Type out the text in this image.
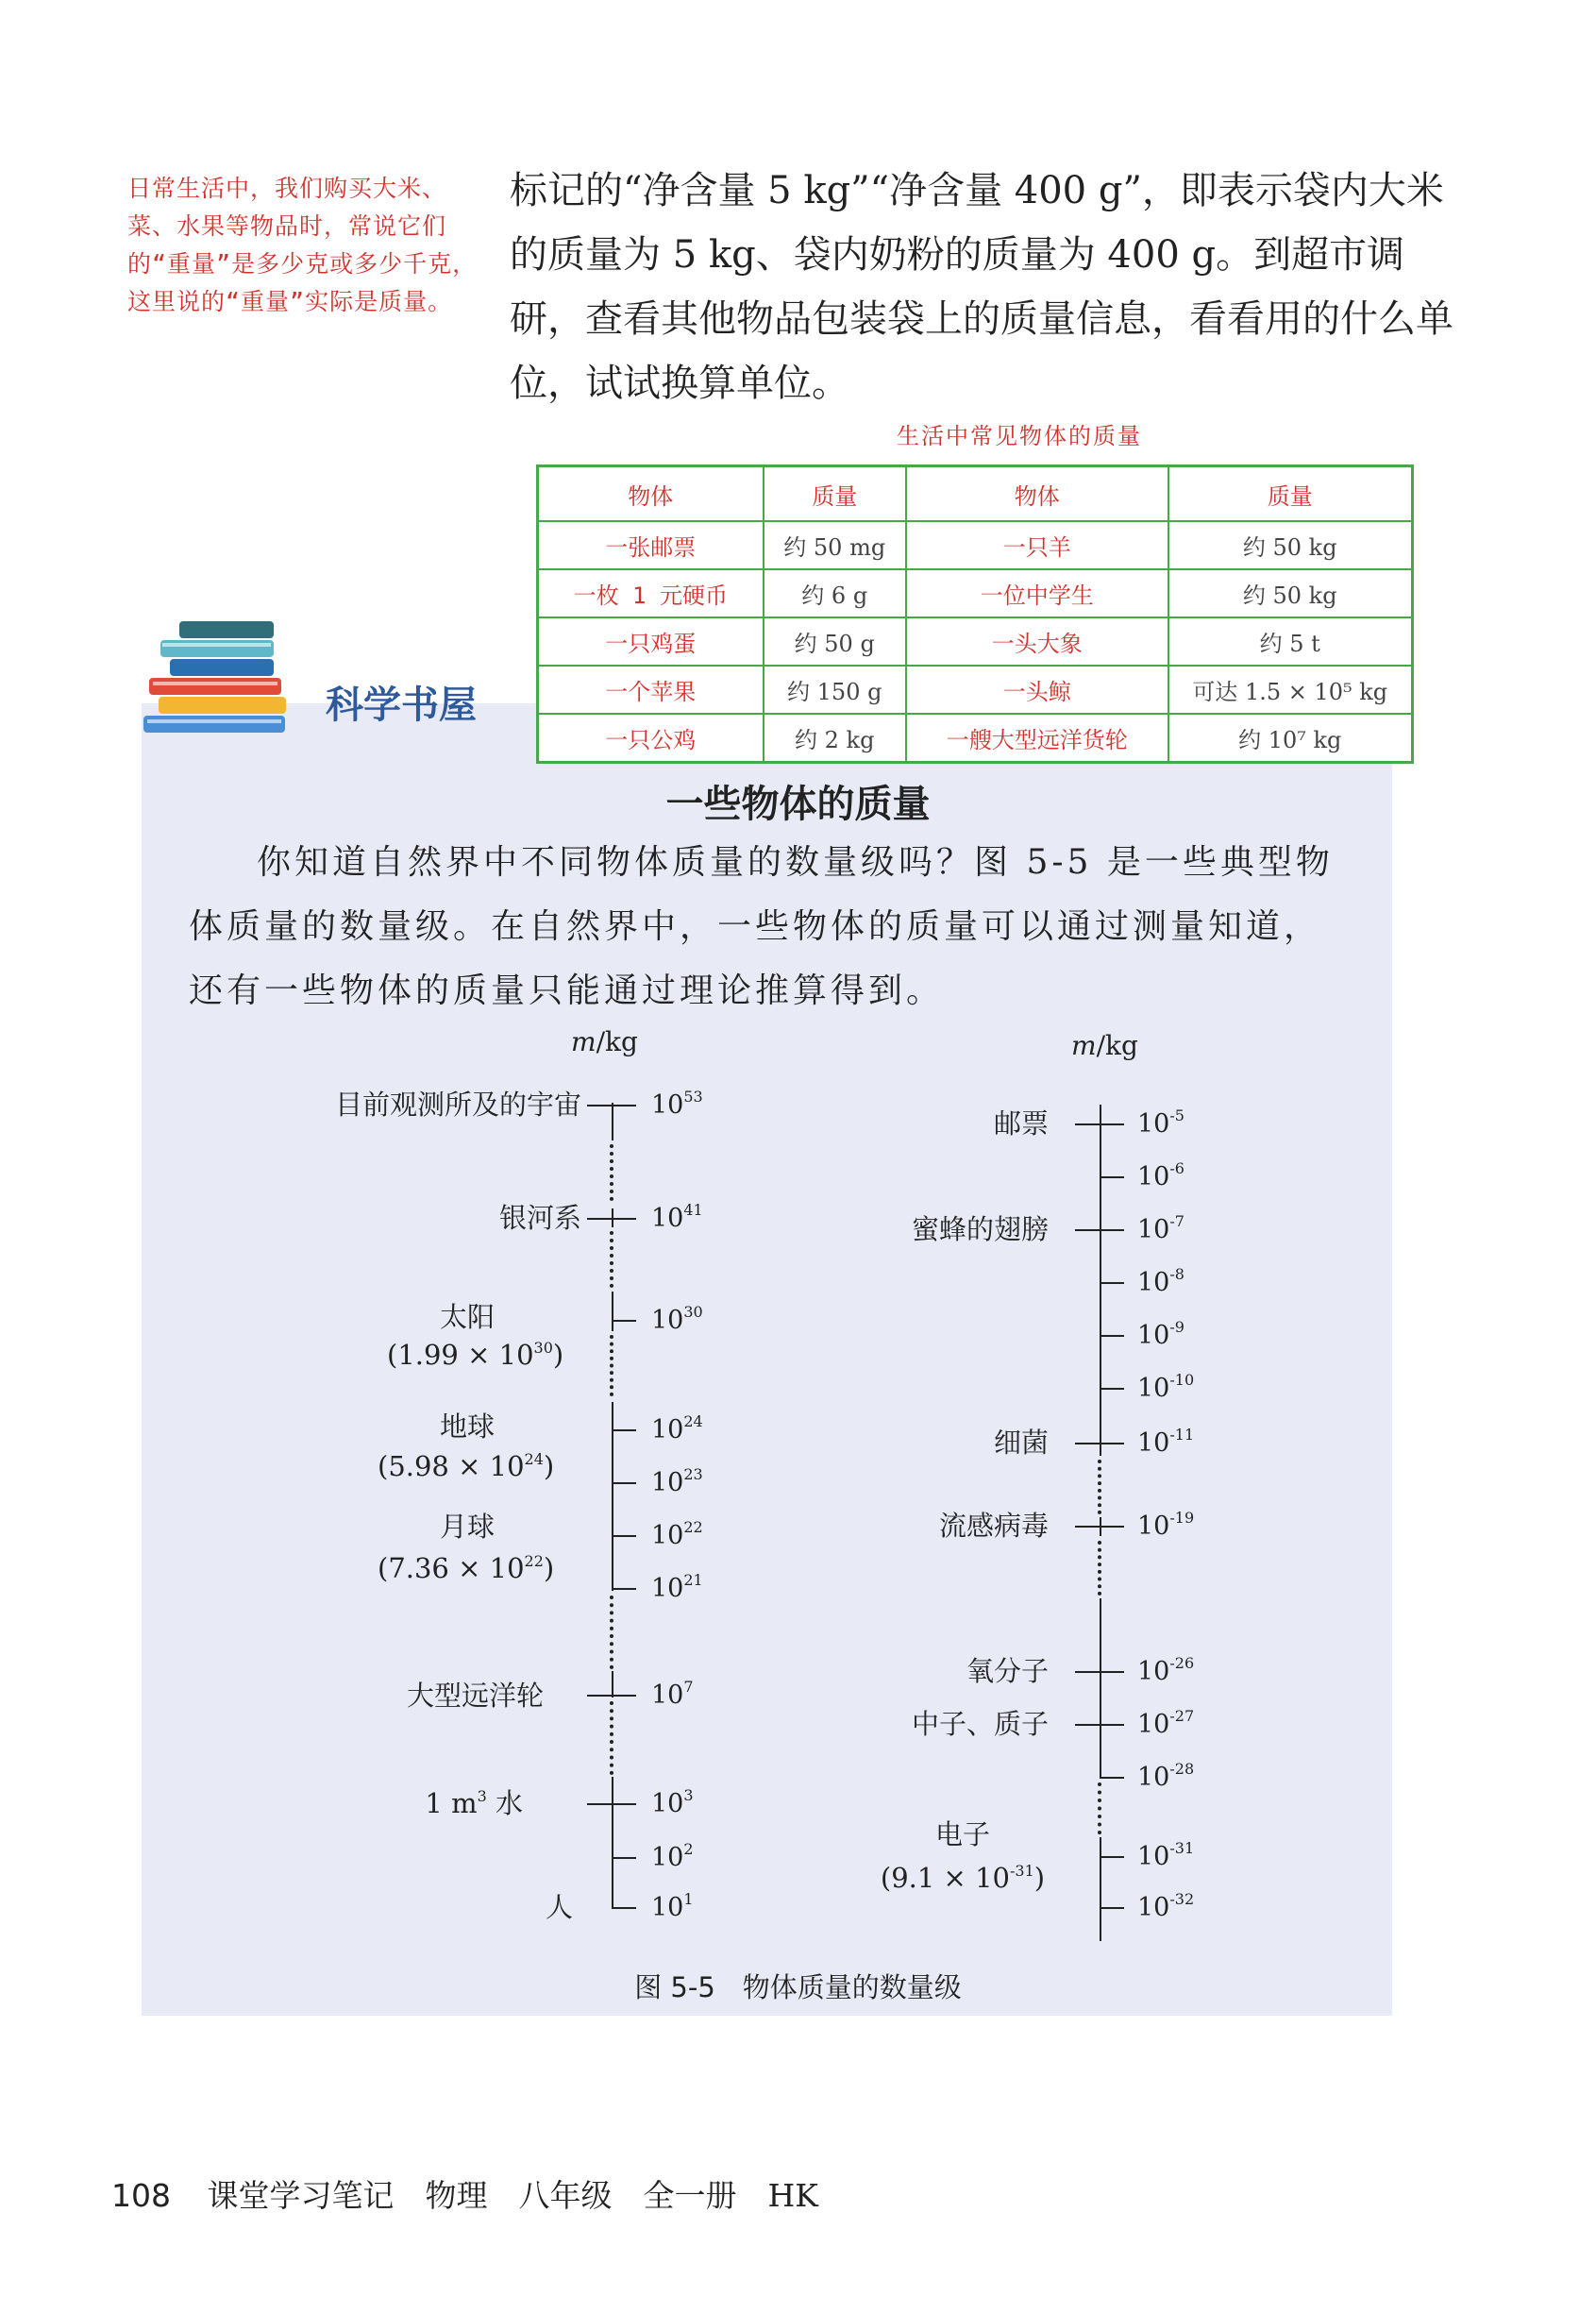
日常生活中，我们购买大米、菜、水果等物品时，常说它们的“重量”是多少克或多少千克，这里说的“重量”实际是质量。

标记的“净含量 5 kg”“净含量 400 g”，即表示袋内大米的质量为 5 kg、袋内奶粉的质量为 400 g。到超市调研，查看其他物品包装袋上的质量信息，看看用的什么单位，试试换算单位。

生活中常见物体的质量
物体	质量	物体	质量
一张邮票	约 50 mg	一只羊	约 50 kg
一枚 1 元硬币	约 6 g	一位中学生	约 50 kg
一只鸡蛋	约 50 g	一头大象	约 5 t
一个苹果	约 150 g	一头鲸	可达 1.5 × 10⁵ kg
一只公鸡	约 2 kg	一艘大型远洋货轮	约 10⁷ kg
科学书屋
一些物体的质量

你知道自然界中不同物体质量的数量级吗？图 5-5 是一些典型物体质量的数量级。在自然界中，一些物体的质量可以通过测量知道，还有一些物体的质量只能通过理论推算得到。

m/kg	m/kg
$10^{53}$
$10^{41}$
$10^{30}$
$10^{24}$
$10^{23}$
$10^{22}$
$10^{21}$
$10^7$
$10^3$
$10^2$
$10^1$
目前观测所及的宇宙
银河系
太阳
$(1.99 \times 10^{30})$
地球
$(5.98 \times 10^{24})$
月球
$(7.36 \times 10^{22})$
大型远洋轮
1 $m^3$ 水
人
$10^{-5}$
$10^{-6}$
$10^{-7}$
$10^{-8}$
$10^{-9}$
$10^{-10}$
$10^{-11}$
$10^{-19}$
$10^{-26}$
$10^{-27}$
$10^{-28}$
$10^{-31}$
$10^{-32}$
邮票
蜜蜂的翅膀
细菌
流感病毒
氧分子
中子、质子
电子
$(9.1 \times 10^{-31})$
图 5-5　物体质量的数量级
108 课堂学习笔记　物理　八年级　全一册　HK
